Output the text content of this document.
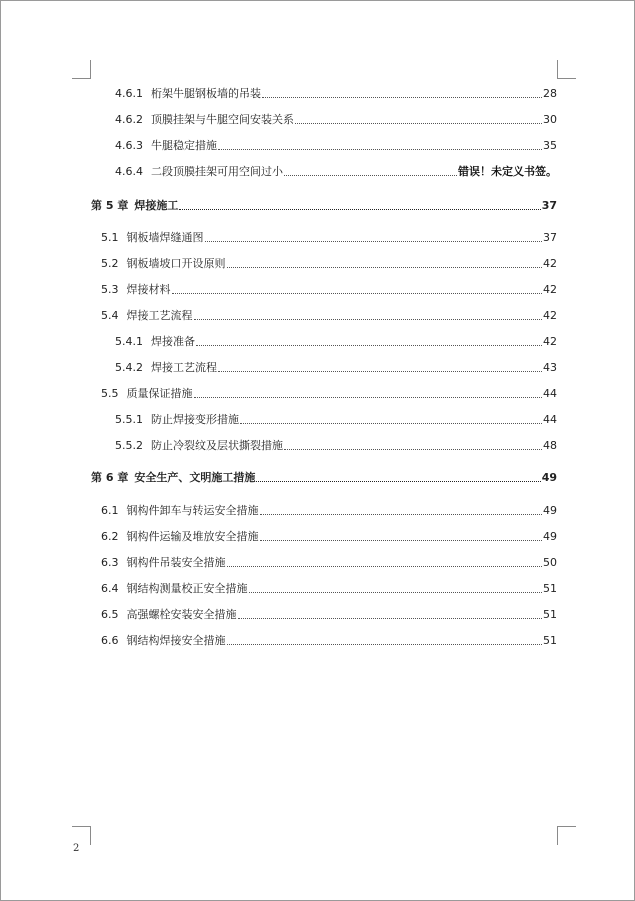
4.6.1 桁架牛腿钢板墙的吊装	28
4.6.2 顶膜挂架与牛腿空间安装关系	30
4.6.3 牛腿稳定措施	35
4.6.4 二段顶膜挂架可用空间过小	错误！未定义书签。
第 5 章 焊接施工	37
5.1 钢板墙焊缝通图	37
5.2 钢板墙坡口开设原则	42
5.3 焊接材料	42
5.4 焊接工艺流程	42
5.4.1 焊接准备	42
5.4.2 焊接工艺流程	43
5.5 质量保证措施	44
5.5.1 防止焊接变形措施	44
5.5.2 防止冷裂纹及层状撕裂措施	48
第 6 章 安全生产、文明施工措施	49
6.1 钢构件卸车与转运安全措施	49
6.2 钢构件运输及堆放安全措施	49
6.3 钢构件吊装安全措施	50
6.4 钢结构测量校正安全措施	51
6.5 高强螺栓安装安全措施	51
6.6 钢结构焊接安全措施	51
2
